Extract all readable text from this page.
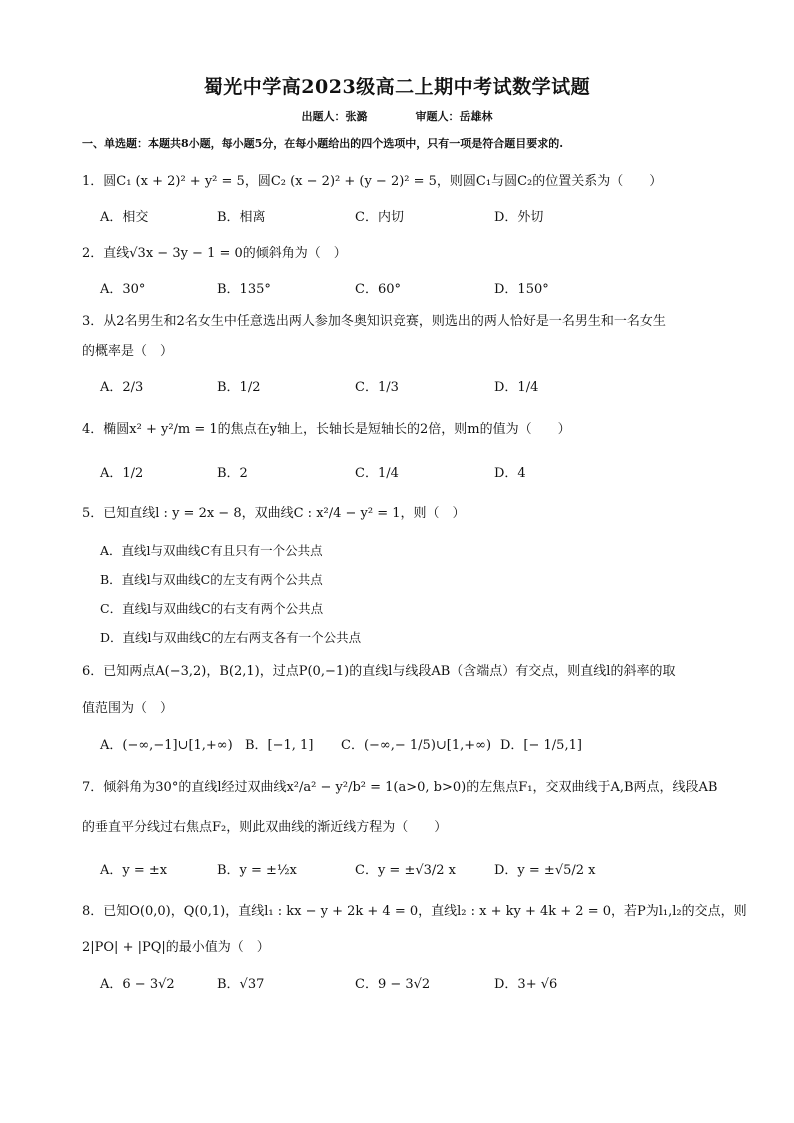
蜀光中学高2023级高二上期中考试数学试题
出题人：张潞	审题人：岳雄林
一、单选题：本题共8小题，每小题5分，在每小题给出的四个选项中，只有一项是符合题目要求的.
1．圆C₁ (x + 2)² + y² = 5，圆C₂ (x − 2)² + (y − 2)² = 5，则圆C₁与圆C₂的位置关系为（　　）
A．相交	B．相离	C．内切	D．外切
2．直线√3x − 3y − 1 = 0的倾斜角为（　）
A．30°	B．135°	C．60°	D．150°
3．从2名男生和2名女生中任意选出两人参加冬奥知识竞赛，则选出的两人恰好是一名男生和一名女生
的概率是（　）
A．2/3	B．1/2	C．1/3	D．1/4
4．椭圆x² + y²/m = 1的焦点在y轴上，长轴长是短轴长的2倍，则m的值为（　　）
A．1/2	B．2	C．1/4	D．4
5．已知直线l : y = 2x − 8，双曲线C : x²/4 − y² = 1，则（　）
A．直线l与双曲线C有且只有一个公共点
B．直线l与双曲线C的左支有两个公共点
C．直线l与双曲线C的右支有两个公共点
D．直线l与双曲线C的左右两支各有一个公共点
6．已知两点A(−3,2)，B(2,1)，过点P(0,−1)的直线l与线段AB（含端点）有交点，则直线l的斜率的取
值范围为（　）
A．(−∞,−1]∪[1,+∞) B．[−1, 1] C．(−∞,− 1/5)∪[1,+∞) D．[− 1/5,1]
7．倾斜角为30°的直线l经过双曲线x²/a² − y²/b² = 1(a>0, b>0)的左焦点F₁，交双曲线于A,B两点，线段AB
的垂直平分线过右焦点F₂，则此双曲线的渐近线方程为（　　）
A．y = ±x	B．y = ±½x	C．y = ±√3/2 x	D．y = ±√5/2 x
8．已知O(0,0)，Q(0,1)，直线l₁ : kx − y + 2k + 4 = 0，直线l₂ : x + ky + 4k + 2 = 0，若P为l₁,l₂的交点，则
2|PO| + |PQ|的最小值为（　）
A．6 − 3√2	B．√37	C．9 − 3√2	D．3+ √6
